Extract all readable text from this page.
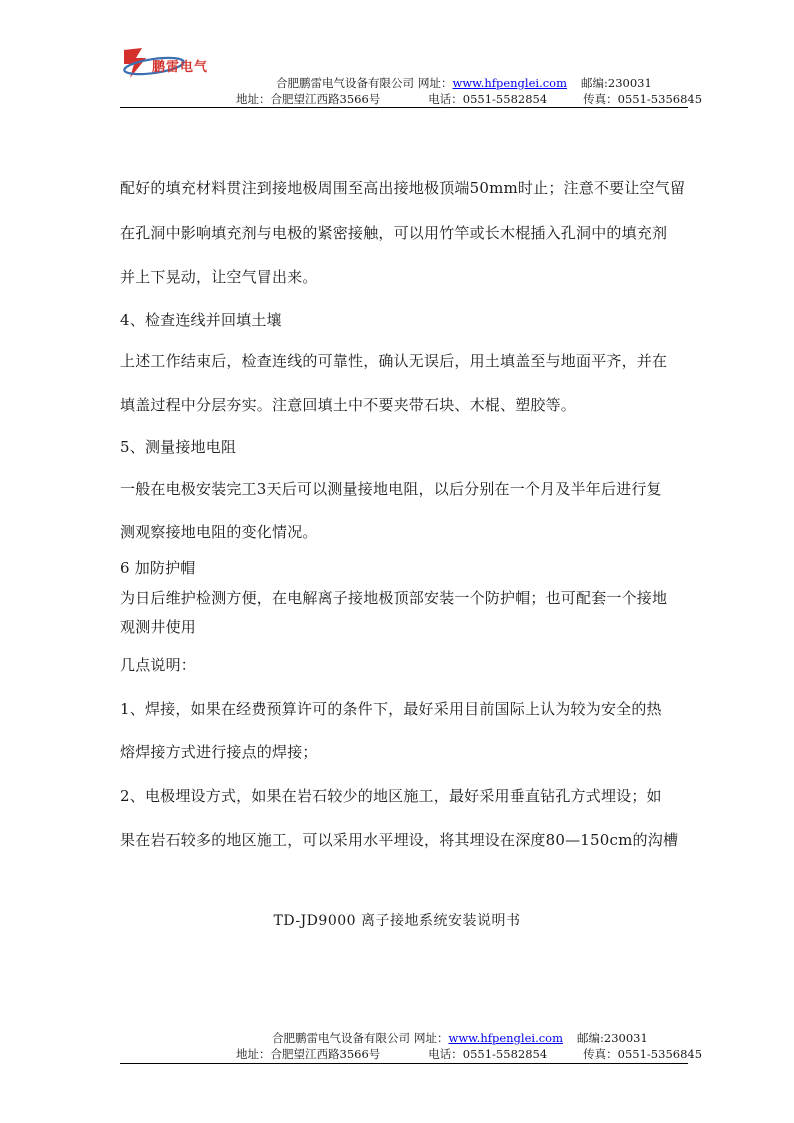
鹏雷电气
合肥鹏雷电气设备有限公司 网址：www.hfpenglei.com 邮编:230031
地址：合肥望江西路3566号	电话：0551-5582854	传真：0551-5356845
配好的填充材料贯注到接地极周围至高出接地极顶端50mm时止；注意不要让空气留
在孔洞中影响填充剂与电极的紧密接触，可以用竹竿或长木棍插入孔洞中的填充剂
并上下晃动，让空气冒出来。
4、检查连线并回填土壤
上述工作结束后，检查连线的可靠性，确认无误后，用土填盖至与地面平齐，并在
填盖过程中分层夯实。注意回填土中不要夹带石块、木棍、塑胶等。
5、测量接地电阻
一般在电极安装完工3天后可以测量接地电阻，以后分别在一个月及半年后进行复
测观察接地电阻的变化情况。
6 加防护帽
为日后维护检测方便，在电解离子接地极顶部安装一个防护帽；也可配套一个接地
观测井使用
几点说明：
1、焊接，如果在经费预算许可的条件下，最好采用目前国际上认为较为安全的热
熔焊接方式进行接点的焊接；
2、电极埋设方式，如果在岩石较少的地区施工，最好采用垂直钻孔方式埋设；如
果在岩石较多的地区施工，可以采用水平埋设，将其埋设在深度80—150cm的沟槽
TD-JD9000 离子接地系统安装说明书
合肥鹏雷电气设备有限公司 网址：www.hfpenglei.com 邮编:230031
地址：合肥望江西路3566号	电话：0551-5582854	传真：0551-5356845
